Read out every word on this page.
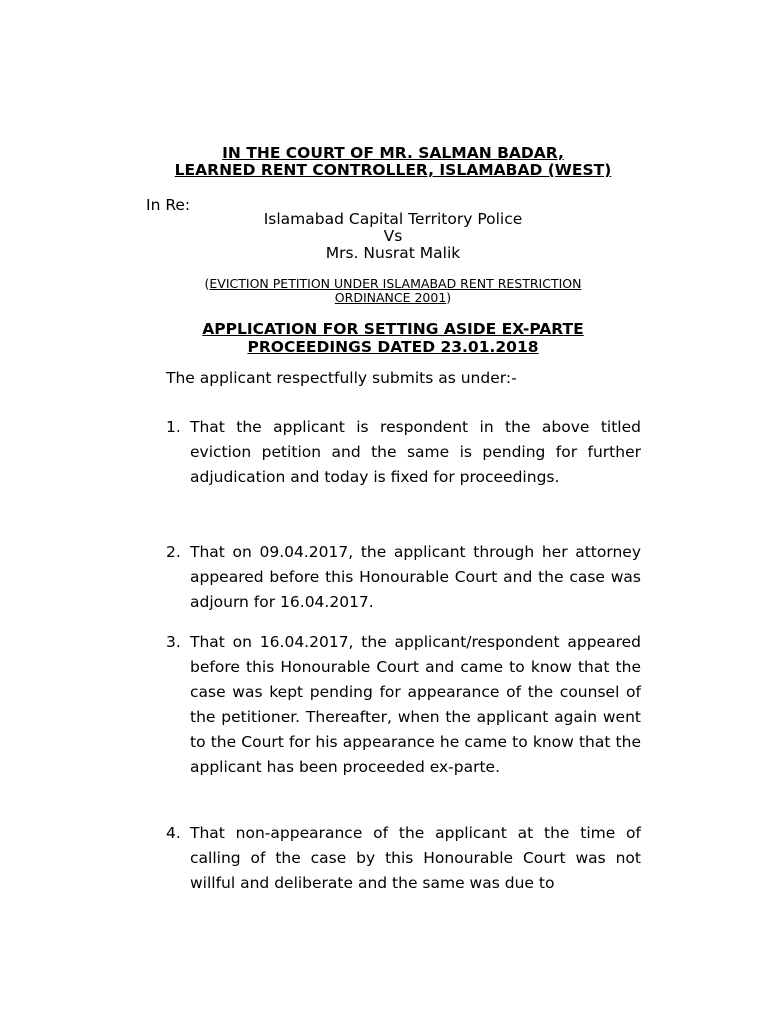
IN THE COURT OF MR. SALMAN BADAR,
LEARNED RENT CONTROLLER, ISLAMABAD (WEST)
In Re:
Islamabad Capital Territory Police
Vs
Mrs. Nusrat Malik
(EVICTION PETITION UNDER ISLAMABAD RENT RESTRICTION
ORDINANCE 2001)
APPLICATION FOR SETTING ASIDE EX-PARTE
PROCEEDINGS DATED 23.01.2018
The applicant respectfully submits as under:-
1. That the applicant is respondent in the above titled eviction petition and the same is pending for further adjudication and today is fixed for proceedings.
2. That on 09.04.2017, the applicant through her attorney appeared before this Honourable Court and the case was adjourn for 16.04.2017.
3. That on 16.04.2017, the applicant/respondent appeared before this Honourable Court and came to know that the case was kept pending for appearance of the counsel of the petitioner. Thereafter, when the applicant again went to the Court for his appearance he came to know that the applicant has been proceeded ex-parte.
4. That non-appearance of the applicant at the time of calling of the case by this Honourable Court was not willful and deliberate and the same was due to
